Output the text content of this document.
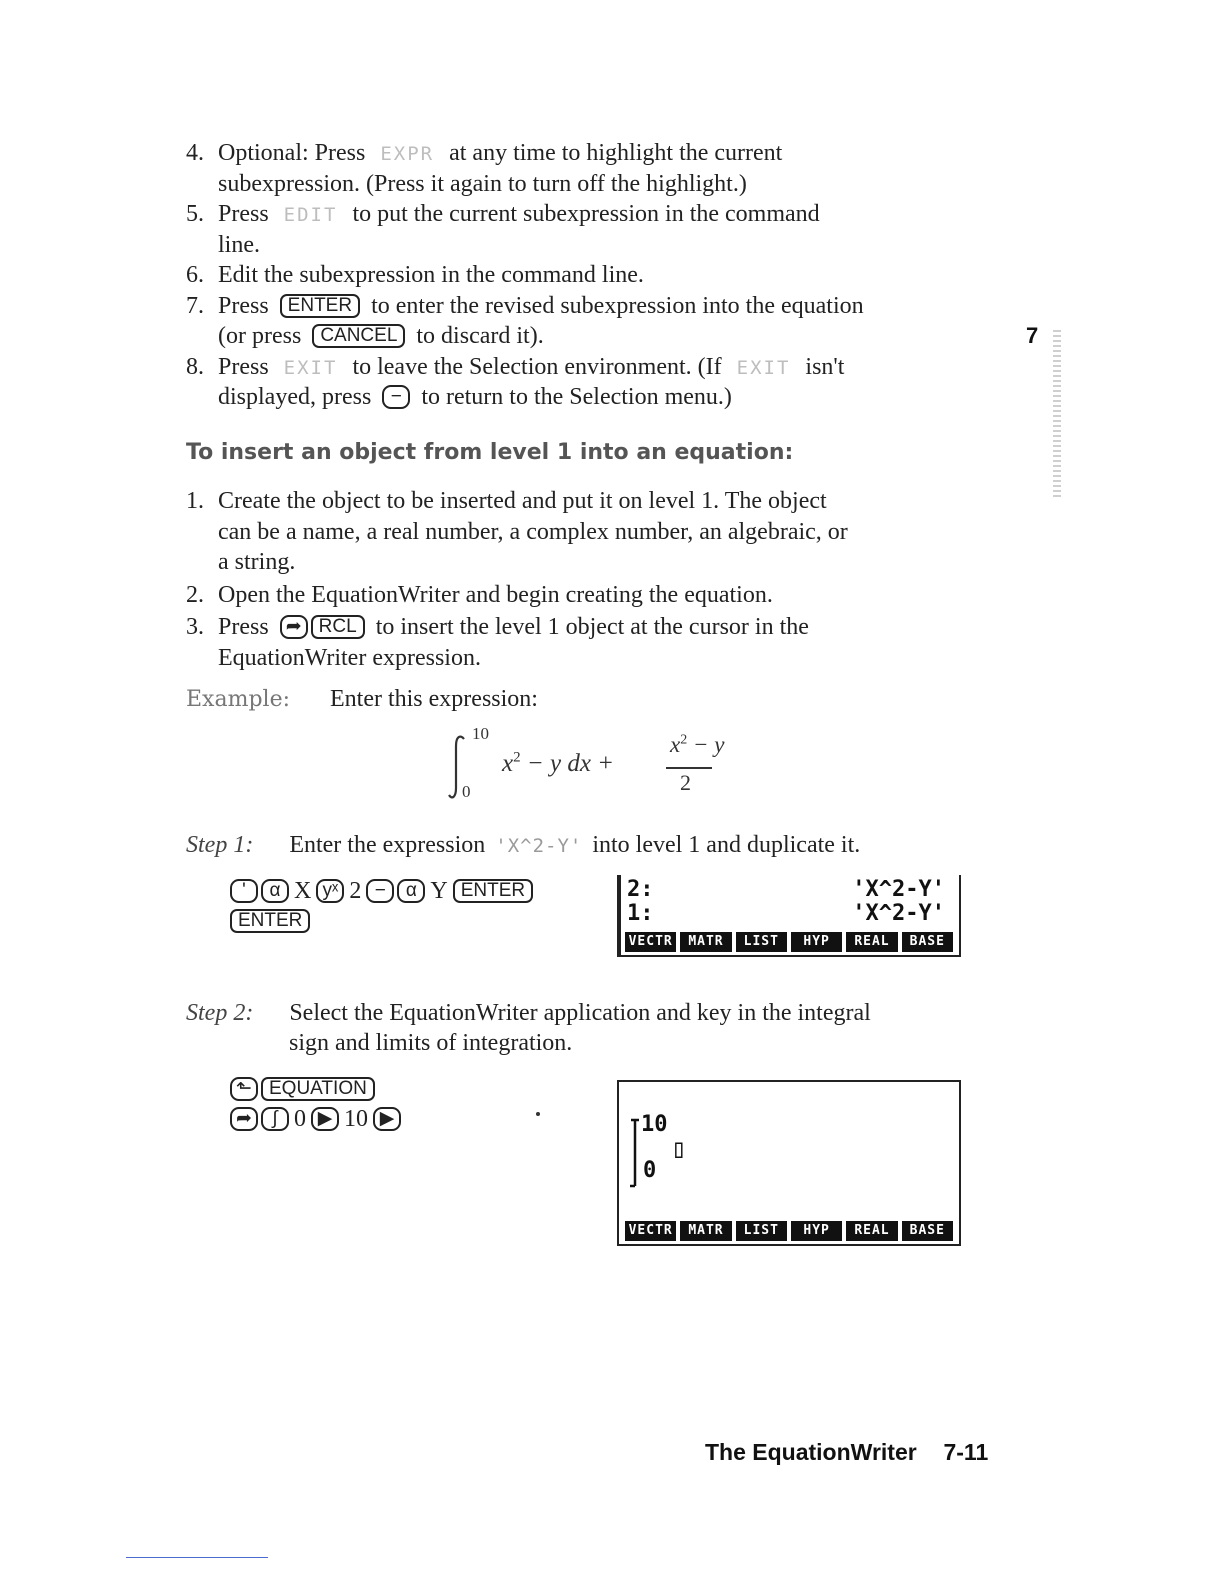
4. Optional: Press EXPR at any time to highlight the current
subexpression. (Press it again to turn off the highlight.)
5. Press EDIT to put the current subexpression in the command
line.
6. Edit the subexpression in the command line.
7. Press ENTER to enter the revised subexpression into the equation
(or press CANCEL to discard it).
8. Press EXIT to leave the Selection environment. (If EXIT isn't
displayed, press − to return to the Selection menu.)
7
To insert an object from level 1 into an equation:
1. Create the object to be inserted and put it on level 1. The object
can be a name, a real number, a complex number, an algebraic, or
a string.
2. Open the EquationWriter and begin creating the equation.
3. Press ➦ RCL to insert the level 1 object at the cursor in the
EquationWriter expression.
Example: Enter this expression:
10
0
$x^2 - y$ dx +
$x^2 - y$
2
Step 1: Enter the expression 'X^2-Y' into level 1 and duplicate it.
' α X yˣ 2 − α Y ENTER
ENTER
2:	'X^2-Y'
1:	'X^2-Y'
VECTR	MATR	LIST	HYP	REAL	BASE
Step 2: Select the EquationWriter application and key in the integral
sign and limits of integration.
⬑ EQUATION
➦ ∫ 0 ▶ 10 ▶	10
0
▯
VECTR	MATR	LIST	HYP	REAL	BASE
The EquationWriter 7-11
